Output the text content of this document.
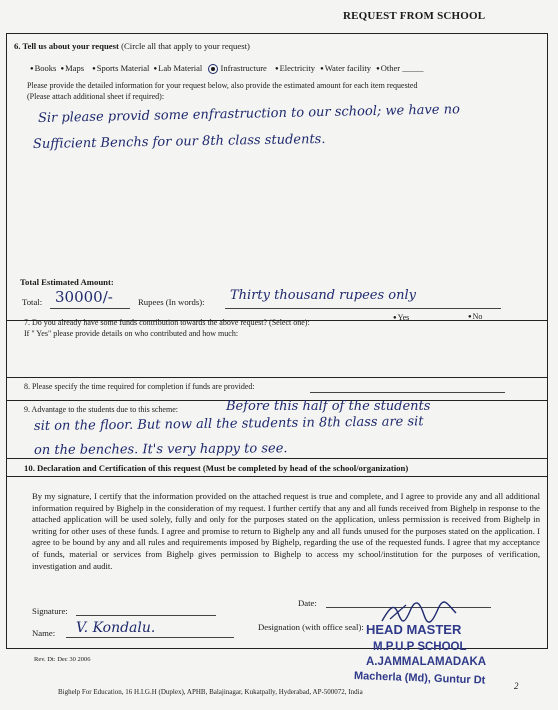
REQUEST FROM SCHOOL
6. Tell us about your request (Circle all that apply to your request)
● Books ● Maps ● Sports Material ● Lab Material Infrastructure ● Electricity ● Water facility ● Other _____
Please provide the detailed information for your request below, also provide the estimated amount for each item requested
(Please attach additional sheet if required):
Sir please provid some enfrastruction to our school; we have no
Sufficient Benchs for our 8th class students.
Total Estimated Amount:
Total: 30000/-	Rupees (In words): Thirty thousand rupees only
7. Do you already have some funds contribution towards the above request? (Select one):
● Yes ●	No
If " Yes" please provide details on who contributed and how much:
8. Please specify the time required for completion if funds are provided:
9. Advantage to the students due to this scheme:	Before this half of the students
sit on the floor. But now all the students in 8th class are sit
on the benches. It's very happy to see.
10. Declaration and Certification of this request (Must be completed by head of the school/organization)
By my signature, I certify that the information provided on the attached request is true and complete, and I agree to provide any and all additional information required by Bighelp in the consideration of my request. I further certify that any and all funds received from Bighelp in response to the attached application will be used solely, fully and only for the purposes stated on the application, unless permission is received from Bighelp in writing for other uses of these funds. I agree and promise to return to Bighelp any and all funds unused for the purposes stated on the application. I agree to be bound by any and all rules and requirements imposed by Bighelp, regarding the use of the requested funds. I agree that my acceptance of funds, material or services from Bighelp gives permission to Bighelp to access my school/institution for the purposes of verification, investigation and audit.
Signature:
Date:
Name: V. Kondalu.	Designation (with office seal): HEAD MASTER
M.P.U.P SCHOOL
A.JAMMALAMADAKA
Macherla (Md), Guntur Dt
Rev. Dt: Dec 30 2006
Bighelp For Education, 16 H.I.G.H (Duplex), APHB, Balajinagar, Kukatpally, Hyderabad, AP-500072, India
2
